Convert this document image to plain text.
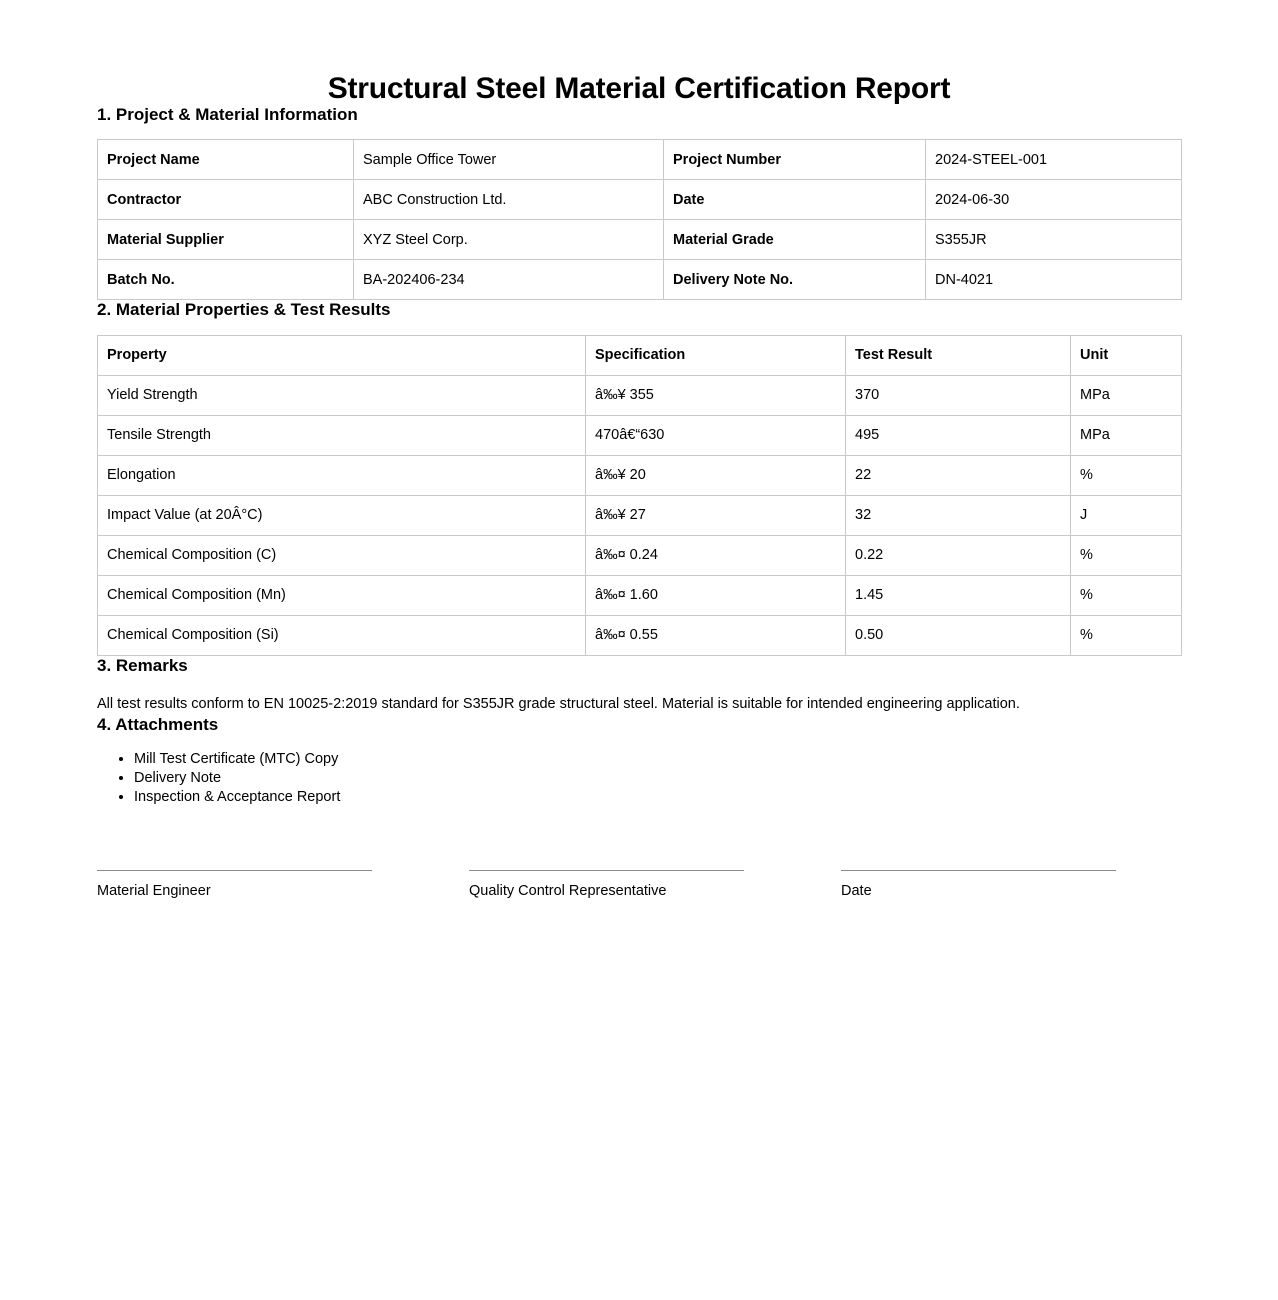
Structural Steel Material Certification Report
1. Project & Material Information
Project Name	Sample Office Tower	Project Number	2024-STEEL-001
Contractor	ABC Construction Ltd.	Date	2024-06-30
Material Supplier	XYZ Steel Corp.	Material Grade	S355JR
Batch No.	BA-202406-234	Delivery Note No.	DN-4021
2. Material Properties & Test Results
Property	Specification	Test Result	Unit
Yield Strength	â‰¥ 355	370	MPa
Tensile Strength	470â€“630	495	MPa
Elongation	â‰¥ 20	22	%
Impact Value (at 20Â°C)	â‰¥ 27	32	J
Chemical Composition (C)	â‰¤ 0.24	0.22	%
Chemical Composition (Mn)	â‰¤ 1.60	1.45	%
Chemical Composition (Si)	â‰¤ 0.55	0.50	%
3. Remarks

All test results conform to EN 10025-2:2019 standard for S355JR grade structural steel. Material is suitable for intended engineering application.

4. Attachments
• Mill Test Certificate (MTC) Copy
• Delivery Note
• Inspection & Acceptance Report
Material Engineer	Quality Control Representative	Date
